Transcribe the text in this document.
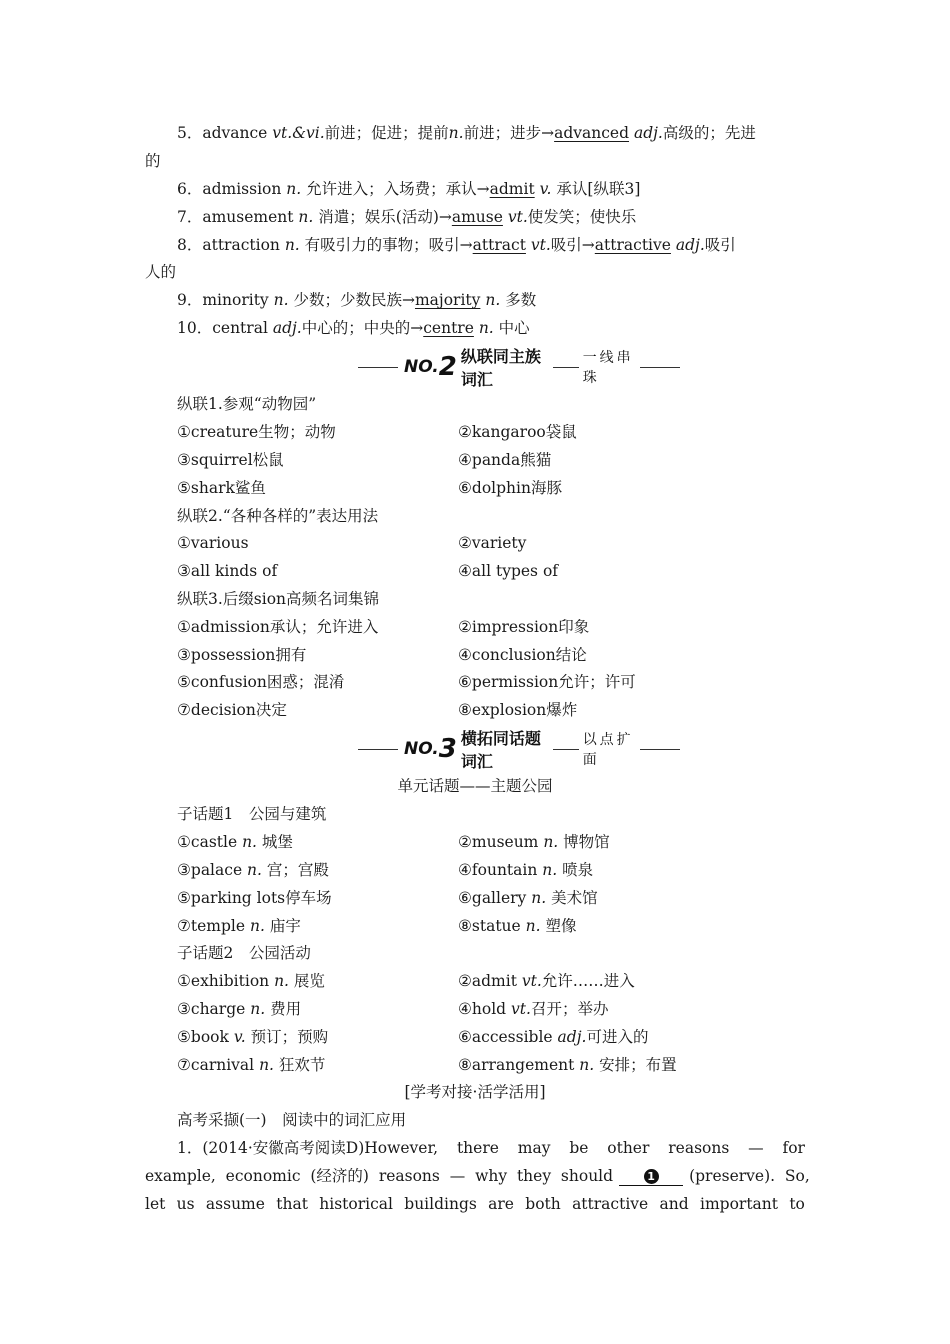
5．advance vt.&vi.前进；促进；提前n.前进；进步→advanced adj.高级的；先进
的
6．admission n. 允许进入；入场费；承认→admit v. 承认[纵联3]
7．amusement n. 消遣；娱乐(活动)→amuse vt.使发笑；使快乐
8．attraction n. 有吸引力的事物；吸引→attract vt.吸引→attractive adj.吸引
人的
9．minority n. 少数；少数民族→majority n. 多数
10．central adj.中心的；中央的→centre n. 中心
NO. 2 纵联同主族词汇
一线串珠
纵联1.参观“动物园”
①creature生物；动物	②kangaroo袋鼠
③squirrel松鼠	④panda熊猫
⑤shark鲨鱼	⑥dolphin海豚
纵联2.“各种各样的”表达用法
①various	②variety
③all kinds of	④all types of
纵联3.后缀sion高频名词集锦
①admission承认；允许进入	②impression印象
③possession拥有	④conclusion结论
⑤confusion困惑；混淆	⑥permission允许；许可
⑦decision决定	⑧explosion爆炸
NO. 3 横拓同话题词汇
以点扩面
单元话题——主题公园
子话题1　公园与建筑
①castle n. 城堡	②museum n. 博物馆
③palace n. 宫；宫殿	④fountain n. 喷泉
⑤parking lots停车场	⑥gallery n. 美术馆
⑦temple n. 庙宇	⑧statue n. 塑像
子话题2　公园活动
①exhibition n. 展览	②admit vt.允许……进入
③charge n. 费用	④hold vt.召开；举办
⑤book v. 预订；预购	⑥accessible adj.可进入的
⑦carnival n. 狂欢节	⑧arrangement n. 安排；布置
[学考对接·活学活用]
高考采撷(一)　阅读中的词汇应用
1．(2014·安徽高考阅读D)However, there may be other reasons — for
example,  economic  (经济的)  reasons  —  why  they  should	1 (preserve).  So,
let us assume that historical buildings are both attractive and important to
